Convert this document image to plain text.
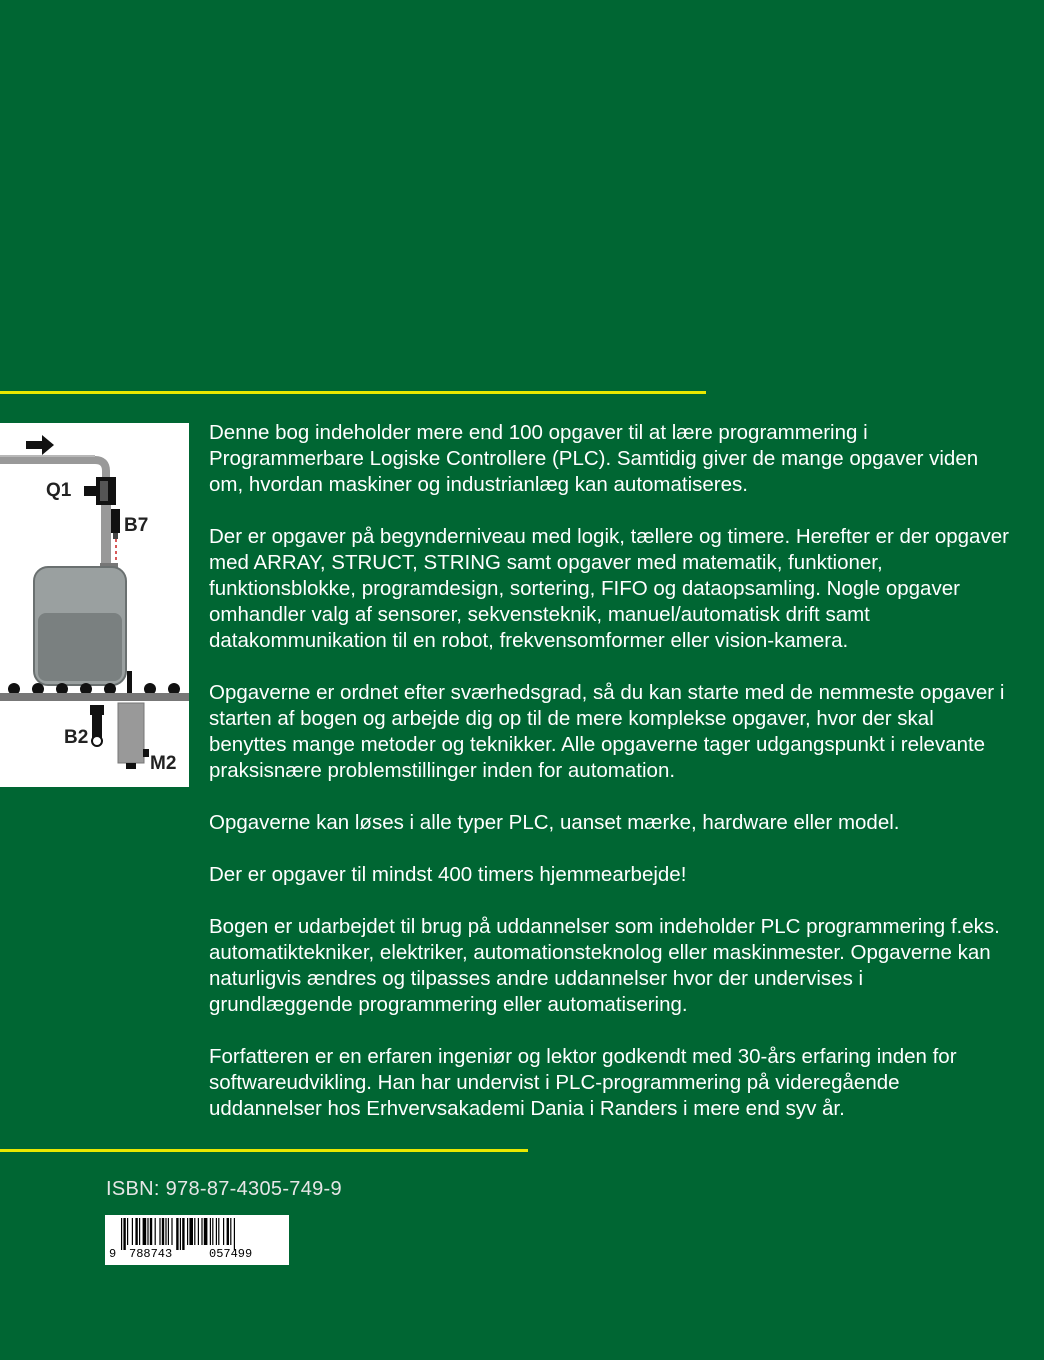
Q1
B7
B2
M2

Denne bog indeholder mere end 100 opgaver til at lære programmering i Programmerbare Logiske Controllere (PLC). Samtidig giver de mange opgaver viden om, hvordan maskiner og industrianlæg kan automatiseres.

Der er opgaver på begynderniveau med logik, tællere og timere. Herefter er der opgaver med ARRAY, STRUCT, STRING samt opgaver med matematik, funktioner, funktionsblokke, programdesign, sortering, FIFO og dataopsamling. Nogle opgaver omhandler valg af sensorer, sekvensteknik, manuel/automatisk drift samt datakommunikation til en robot, frekvensomformer eller vision-kamera.

Opgaverne er ordnet efter sværhedsgrad, så du kan starte med de nemmeste opgaver i starten af bogen og arbejde dig op til de mere komplekse opgaver, hvor der skal benyttes mange metoder og teknikker. Alle opgaverne tager udgangspunkt i relevante praksisnære problemstillinger inden for automation.

Opgaverne kan løses i alle typer PLC, uanset mærke, hardware eller model.

Der er opgaver til mindst 400 timers hjemmearbejde!

Bogen er udarbejdet til brug på uddannelser som indeholder PLC programmering f.eks. automatiktekniker, elektriker, automationsteknolog eller maskinmester. Opgaverne kan naturligvis ændres og tilpasses andre uddannelser hvor der undervises i grundlæggende programmering eller automatisering.

Forfatteren er en erfaren ingeniør og lektor godkendt med 30-års erfaring inden for softwareudvikling. Han har undervist i PLC-programmering på videregående uddannelser hos Erhvervsakademi Dania i Randers i mere end syv år.

ISBN: 978-87-4305-749-9
9 788743	057499
